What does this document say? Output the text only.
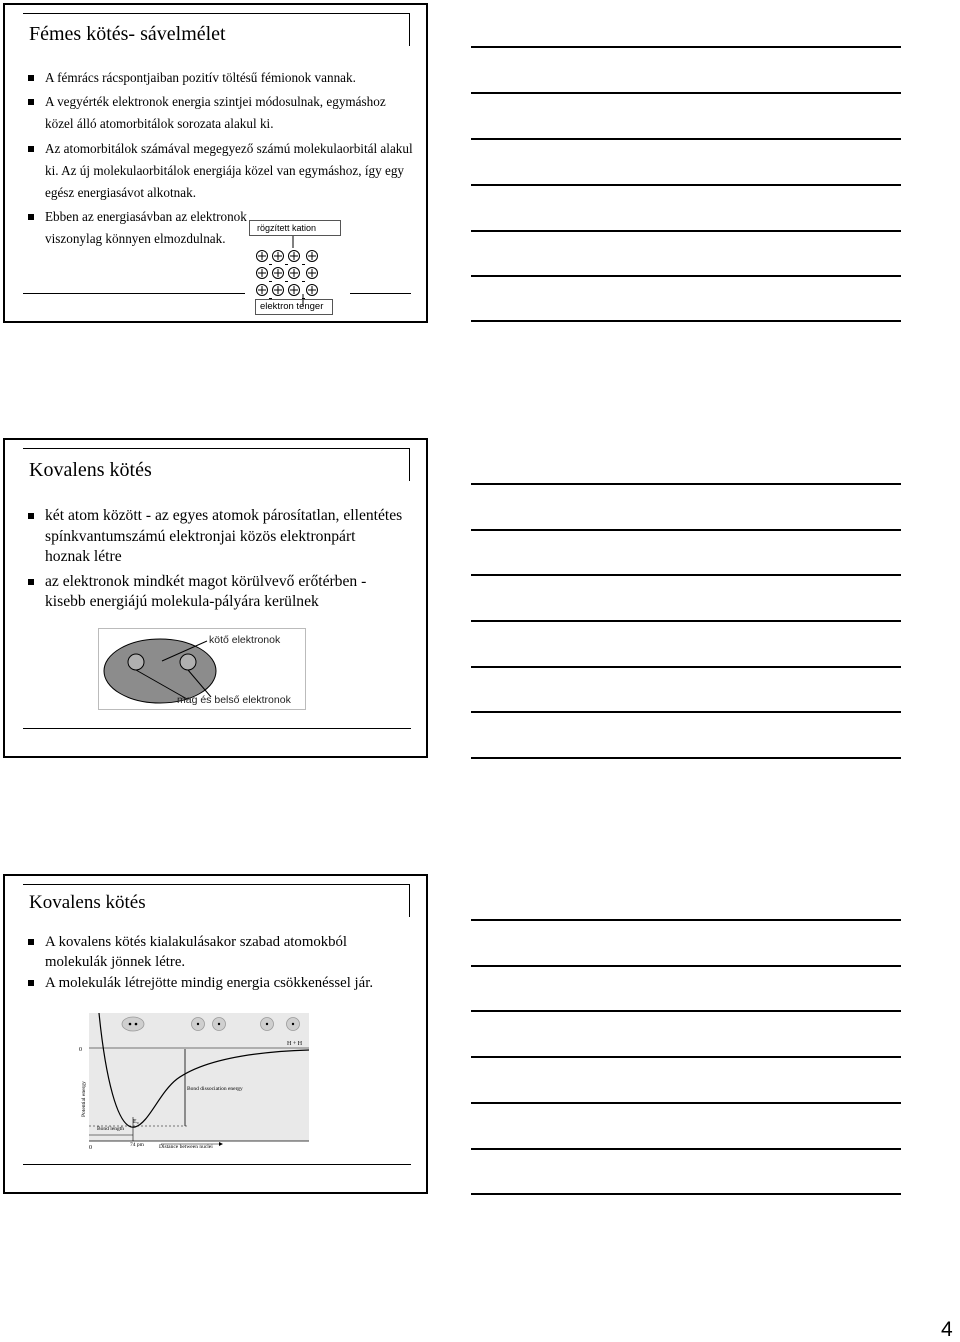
Fémes kötés- sávelmélet
A fémrács rácspontjaiban pozitív töltésű fémionok vannak.
A vegyérték elektronok energia szintjei módosulnak, egymáshoz közel álló atomorbitálok sorozata alakul ki.
Az atomorbitálok számával megegyező számú molekulaorbitál alakul ki. Az új molekulaorbitálok energiája közel van egymáshoz, így egy egész energiasávot alkotnak.
Ebben az energiasávban az elektronok viszonylag könnyen elmozdulnak.
rögzített kation
elektron tenger
Kovalens kötés
két atom között - az egyes atomok párosítatlan, ellentétes spínkvantumszámú elektronjai közös elektronpárt hoznak létre
az elektronok mindkét magot körülvevő erőtérben - kisebb energiájú molekula-pályára kerülnek
kötő elektronok
mag és belső elektronok
Kovalens kötés
A kovalens kötés kialakulásakor szabad atomokból molekulák jönnek létre.
A molekulák létrejötte mindig energia csökkenéssel jár.
0
H + H
Bond dissociation energy
E₀
Bond length
0	74 pm	Distance between nuclei
Potential energy
4
